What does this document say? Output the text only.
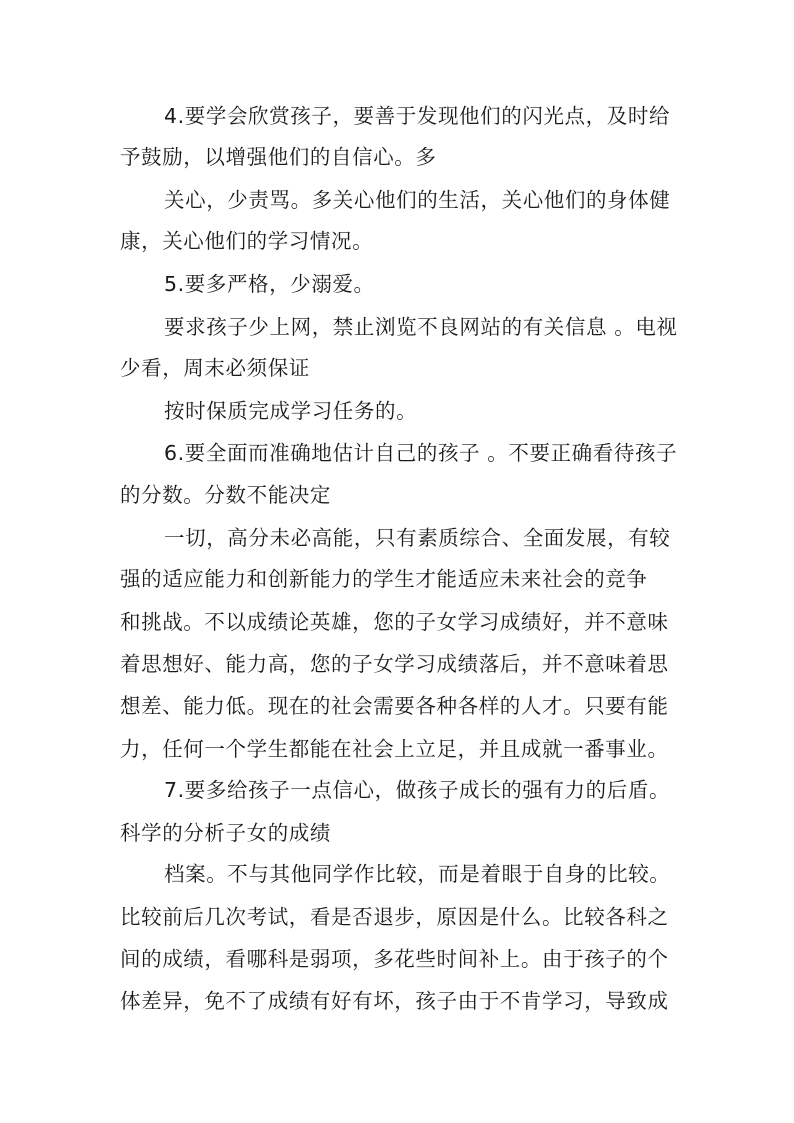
4.要学会欣赏孩子，要善于发现他们的闪光点，及时给
予鼓励，以增强他们的自信心。多
关心，少责骂。多关心他们的生活，关心他们的身体健
康，关心他们的学习情况。
5.要多严格，少溺爱。
要求孩子少上网，禁止浏览不良网站的有关信息 。电视
少看，周末必须保证
按时保质完成学习任务的。
6.要全面而准确地估计自己的孩子 。不要正确看待孩子
的分数。分数不能决定
一切，高分未必高能，只有素质综合、全面发展，有较
强的适应能力和创新能力的学生才能适应未来社会的竞争
和挑战。不以成绩论英雄，您的子女学习成绩好，并不意味
着思想好、能力高，您的子女学习成绩落后，并不意味着思
想差、能力低。现在的社会需要各种各样的人才。只要有能
力，任何一个学生都能在社会上立足，并且成就一番事业。
7.要多给孩子一点信心，做孩子成长的强有力的后盾。
科学的分析子女的成绩
档案。不与其他同学作比较，而是着眼于自身的比较。
比较前后几次考试，看是否退步，原因是什么。比较各科之
间的成绩，看哪科是弱项，多花些时间补上。由于孩子的个
体差异，免不了成绩有好有坏，孩子由于不肯学习，导致成
